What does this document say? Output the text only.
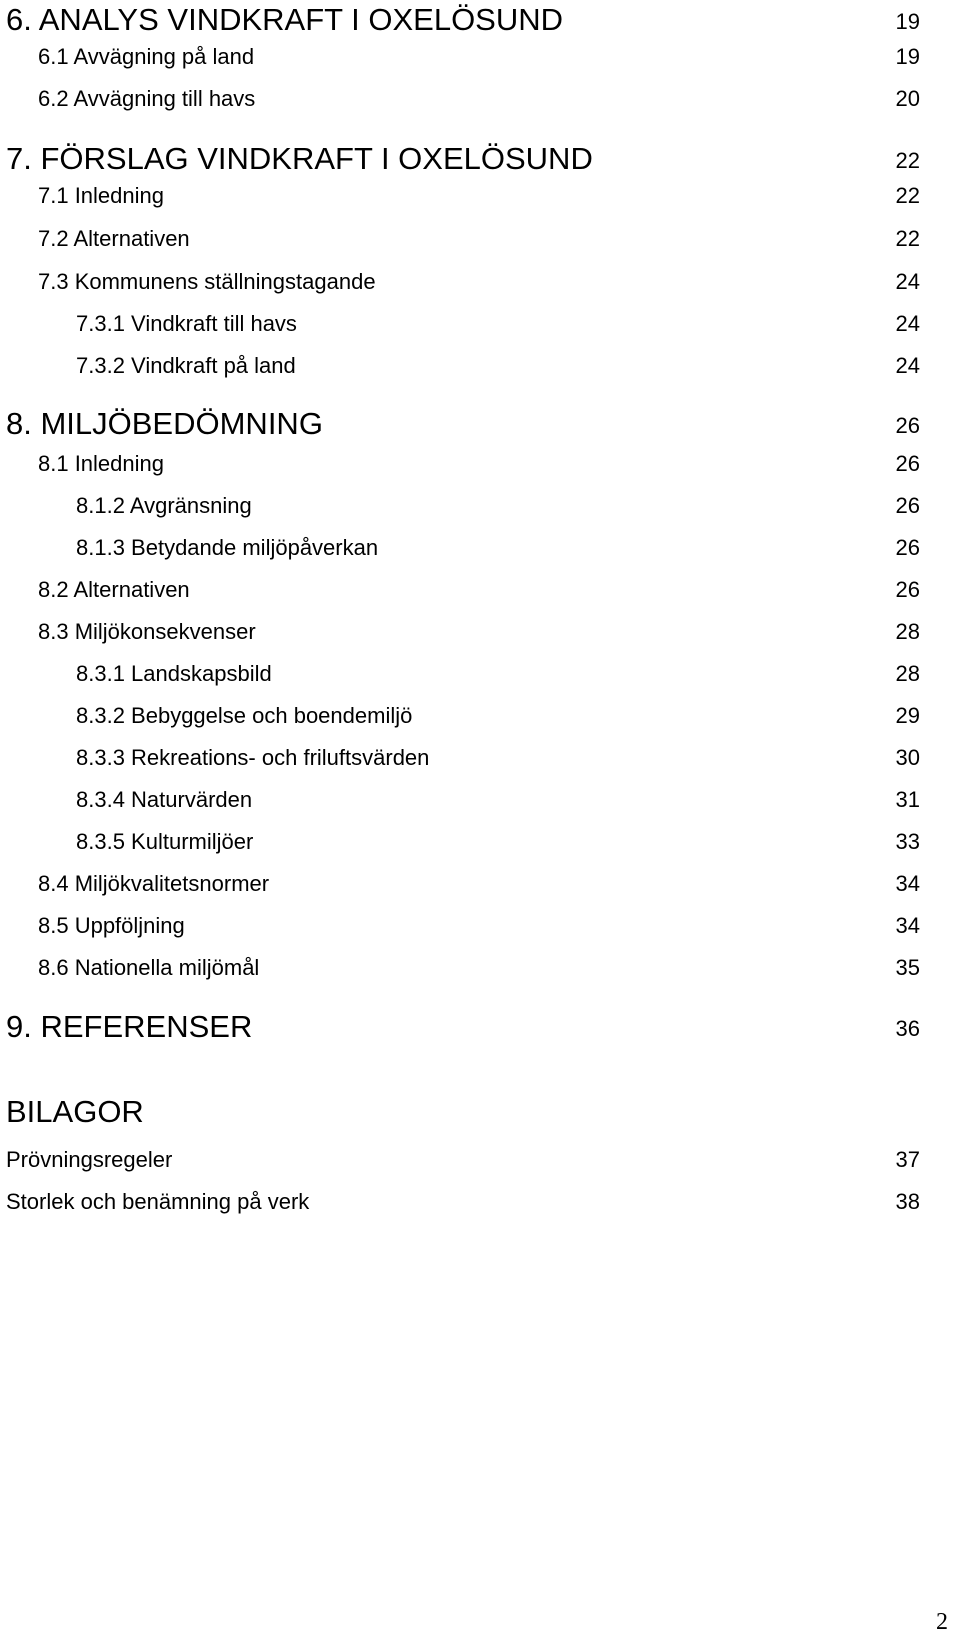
6. ANALYS VINDKRAFT I OXELÖSUND	19
6.1 Avvägning på land	19
6.2 Avvägning till havs	20
7. FÖRSLAG VINDKRAFT I OXELÖSUND	22
7.1 Inledning	22
7.2 Alternativen	22
7.3 Kommunens ställningstagande	24
7.3.1 Vindkraft till havs	24
7.3.2 Vindkraft på land	24
8. MILJÖBEDÖMNING	26
8.1 Inledning	26
8.1.2 Avgränsning	26
8.1.3 Betydande miljöpåverkan	26
8.2 Alternativen	26
8.3 Miljökonsekvenser	28
8.3.1 Landskapsbild	28
8.3.2 Bebyggelse och boendemiljö	29
8.3.3 Rekreations- och friluftsvärden	30
8.3.4 Naturvärden	31
8.3.5 Kulturmiljöer	33
8.4 Miljökvalitetsnormer	34
8.5 Uppföljning	34
8.6 Nationella miljömål	35
9. REFERENSER	36
BILAGOR
Prövningsregeler	37
Storlek och benämning på verk	38
2
